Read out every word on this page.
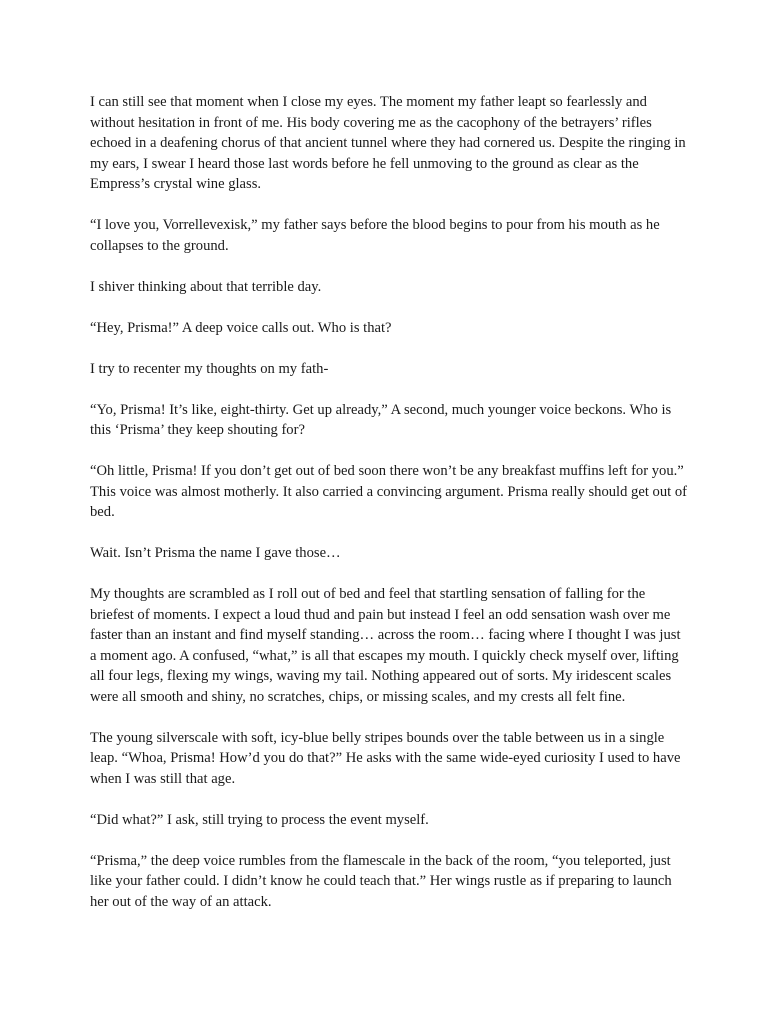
I can still see that moment when I close my eyes. The moment my father leapt so fearlessly and without hesitation in front of me. His body covering me as the cacophony of the betrayers’ rifles echoed in a deafening chorus of that ancient tunnel where they had cornered us. Despite the ringing in my ears, I swear I heard those last words before he fell unmoving to the ground as clear as the Empress’s crystal wine glass.

“I love you, Vorrellevexisk,” my father says before the blood begins to pour from his mouth as he collapses to the ground.

I shiver thinking about that terrible day.

“Hey, Prisma!” A deep voice calls out. Who is that?

I try to recenter my thoughts on my fath-

“Yo, Prisma! It’s like, eight-thirty. Get up already,” A second, much younger voice beckons. Who is this ‘Prisma’ they keep shouting for?

“Oh little, Prisma! If you don’t get out of bed soon there won’t be any breakfast muffins left for you.” This voice was almost motherly. It also carried a convincing argument. Prisma really should get out of bed.

Wait. Isn’t Prisma the name I gave those…

My thoughts are scrambled as I roll out of bed and feel that startling sensation of falling for the briefest of moments. I expect a loud thud and pain but instead I feel an odd sensation wash over me faster than an instant and find myself standing… across the room… facing where I thought I was just a moment ago. A confused, “what,” is all that escapes my mouth. I quickly check myself over, lifting all four legs, flexing my wings, waving my tail. Nothing appeared out of sorts. My iridescent scales were all smooth and shiny, no scratches, chips, or missing scales, and my crests all felt fine.

The young silverscale with soft, icy-blue belly stripes bounds over the table between us in a single leap. “Whoa, Prisma! How’d you do that?” He asks with the same wide-eyed curiosity I used to have when I was still that age.

“Did what?” I ask, still trying to process the event myself.

“Prisma,” the deep voice rumbles from the flamescale in the back of the room, “you teleported, just like your father could. I didn’t know he could teach that.” Her wings rustle as if preparing to launch her out of the way of an attack.
